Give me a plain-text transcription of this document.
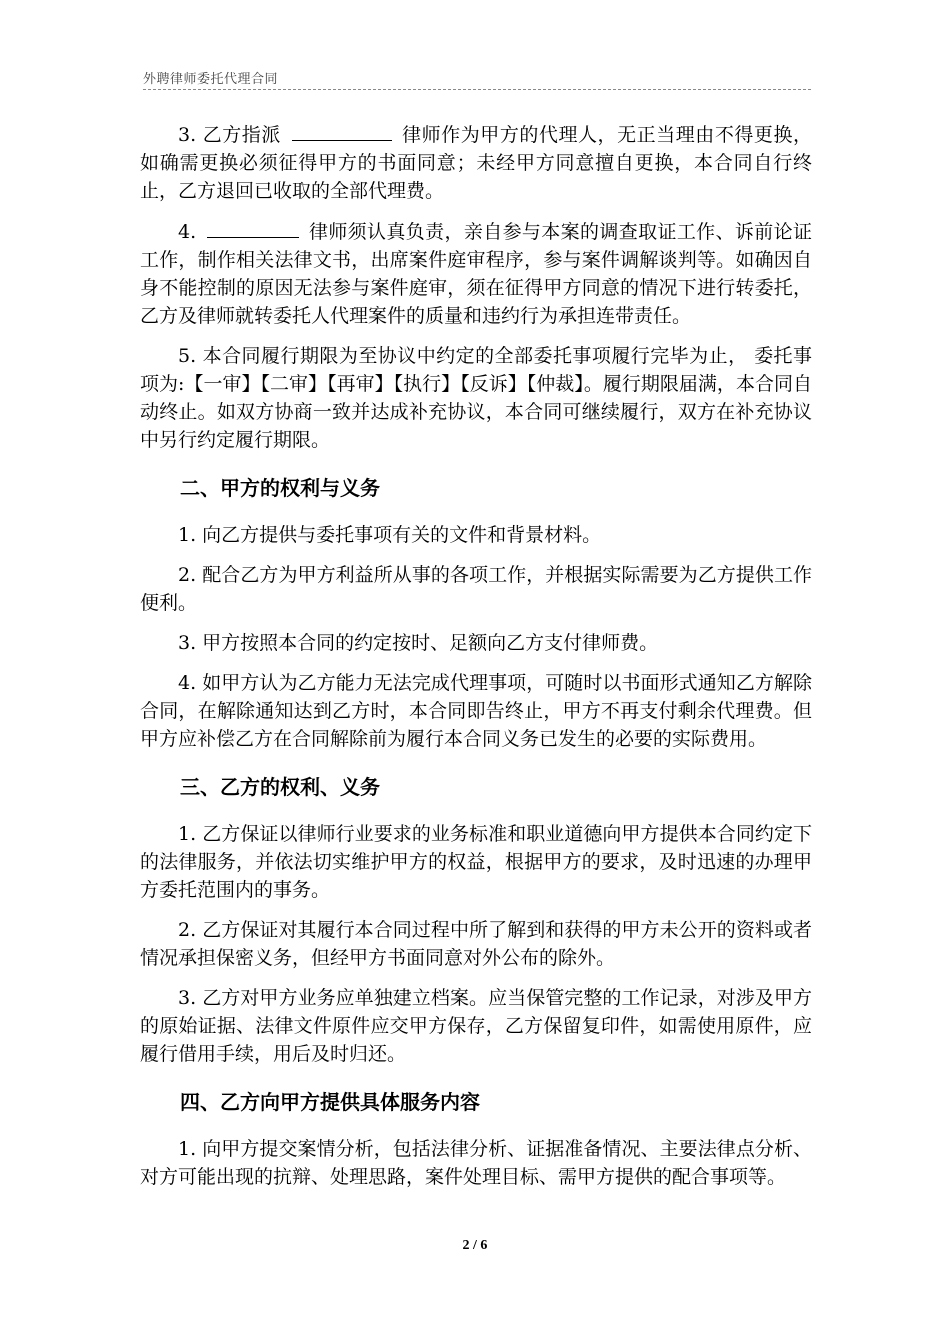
外聘律师委托代理合同

3. 乙方指派	律师作为甲方的代理人，无正当理由不得更换，如确需更换必须征得甲方的书面同意；未经甲方同意擅自更换，本合同自行终止，乙方退回已收取的全部代理费。

4.	律师须认真负责，亲自参与本案的调查取证工作、诉前论证工作，制作相关法律文书，出席案件庭审程序，参与案件调解谈判等。如确因自身不能控制的原因无法参与案件庭审，须在征得甲方同意的情况下进行转委托，乙方及律师就转委托人代理案件的质量和违约行为承担连带责任。

5. 本合同履行期限为至协议中约定的全部委托事项履行完毕为止， 委托事项为:【一审】【二审】【再审】【执行】【反诉】【仲裁】。履行期限届满，本合同自动终止。如双方协商一致并达成补充协议，本合同可继续履行，双方在补充协议中另行约定履行期限。

二、甲方的权利与义务

1. 向乙方提供与委托事项有关的文件和背景材料。

2. 配合乙方为甲方利益所从事的各项工作，并根据实际需要为乙方提供工作便利。

3. 甲方按照本合同的约定按时、足额向乙方支付律师费。

4. 如甲方认为乙方能力无法完成代理事项，可随时以书面形式通知乙方解除合同，在解除通知达到乙方时，本合同即告终止，甲方不再支付剩余代理费。但甲方应补偿乙方在合同解除前为履行本合同义务已发生的必要的实际费用。

三、乙方的权利、义务

1. 乙方保证以律师行业要求的业务标准和职业道德向甲方提供本合同约定下的法律服务，并依法切实维护甲方的权益，根据甲方的要求，及时迅速的办理甲方委托范围内的事务。

2. 乙方保证对其履行本合同过程中所了解到和获得的甲方未公开的资料或者情况承担保密义务，但经甲方书面同意对外公布的除外。

3. 乙方对甲方业务应单独建立档案。应当保管完整的工作记录，对涉及甲方的原始证据、法律文件原件应交甲方保存，乙方保留复印件，如需使用原件，应履行借用手续，用后及时归还。

四、乙方向甲方提供具体服务内容

1. 向甲方提交案情分析，包括法律分析、证据准备情况、主要法律点分析、对方可能出现的抗辩、处理思路，案件处理目标、需甲方提供的配合事项等。

2 / 6
